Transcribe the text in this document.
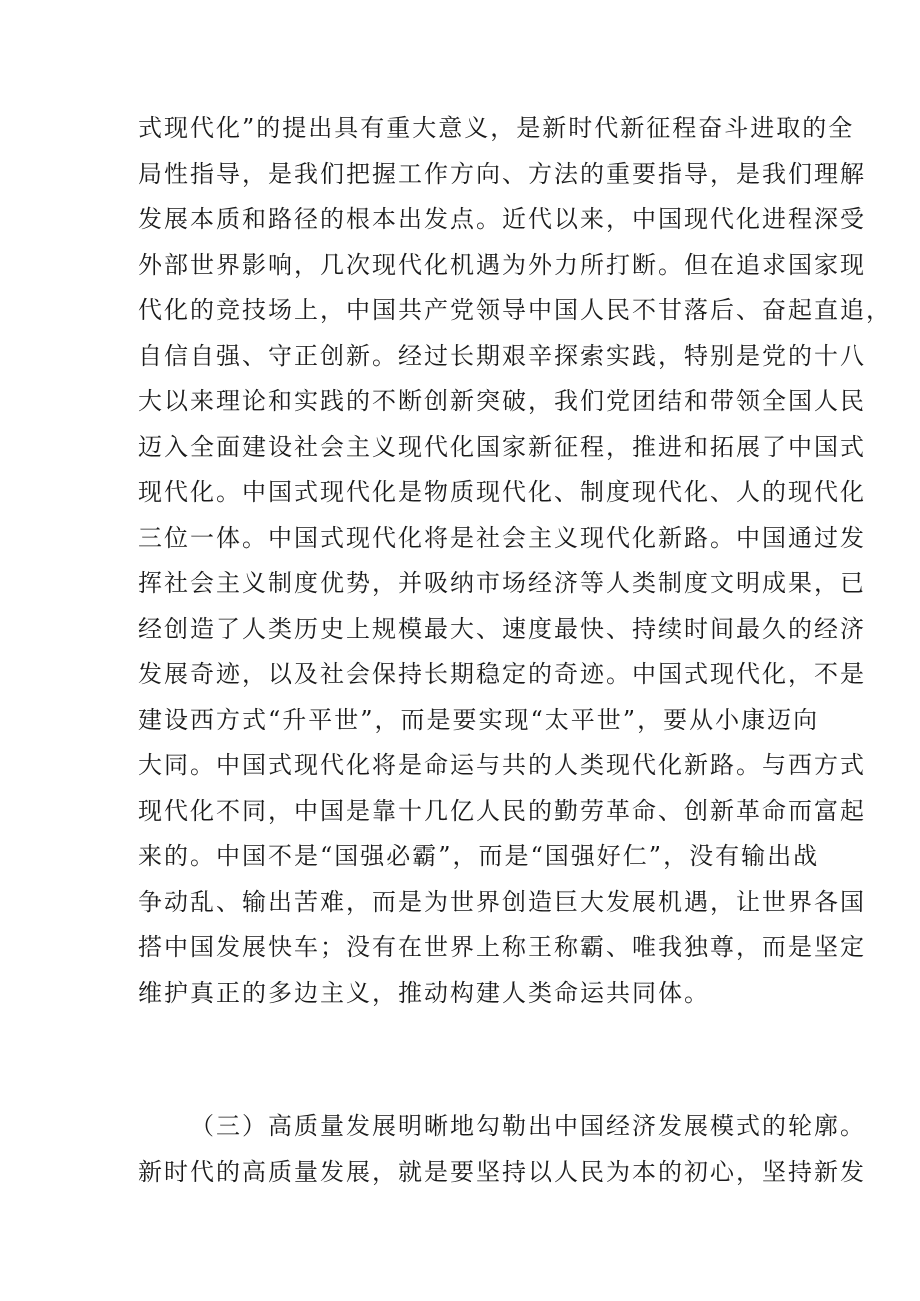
式现代化”的提出具有重大意义，是新时代新征程奋斗进取的全
局性指导，是我们把握工作方向、方法的重要指导，是我们理解
发展本质和路径的根本出发点。近代以来，中国现代化进程深受
外部世界影响，几次现代化机遇为外力所打断。但在追求国家现
代化的竞技场上，中国共产党领导中国人民不甘落后、奋起直追，
自信自强、守正创新。经过长期艰辛探索实践，特别是党的十八
大以来理论和实践的不断创新突破，我们党团结和带领全国人民
迈入全面建设社会主义现代化国家新征程，推进和拓展了中国式
现代化。中国式现代化是物质现代化、制度现代化、人的现代化
三位一体。中国式现代化将是社会主义现代化新路。中国通过发
挥社会主义制度优势，并吸纳市场经济等人类制度文明成果，已
经创造了人类历史上规模最大、速度最快、持续时间最久的经济
发展奇迹，以及社会保持长期稳定的奇迹。中国式现代化，不是
建设西方式“升平世”，而是要实现“太平世”，要从小康迈向
大同。中国式现代化将是命运与共的人类现代化新路。与西方式
现代化不同，中国是靠十几亿人民的勤劳革命、创新革命而富起
来的。中国不是“国强必霸”，而是“国强好仁”，没有输出战
争动乱、输出苦难，而是为世界创造巨大发展机遇，让世界各国
搭中国发展快车；没有在世界上称王称霸、唯我独尊，而是坚定
维护真正的多边主义，推动构建人类命运共同体。
（三）高质量发展明晰地勾勒出中国经济发展模式的轮廓。
新时代的高质量发展，就是要坚持以人民为本的初心，坚持新发
